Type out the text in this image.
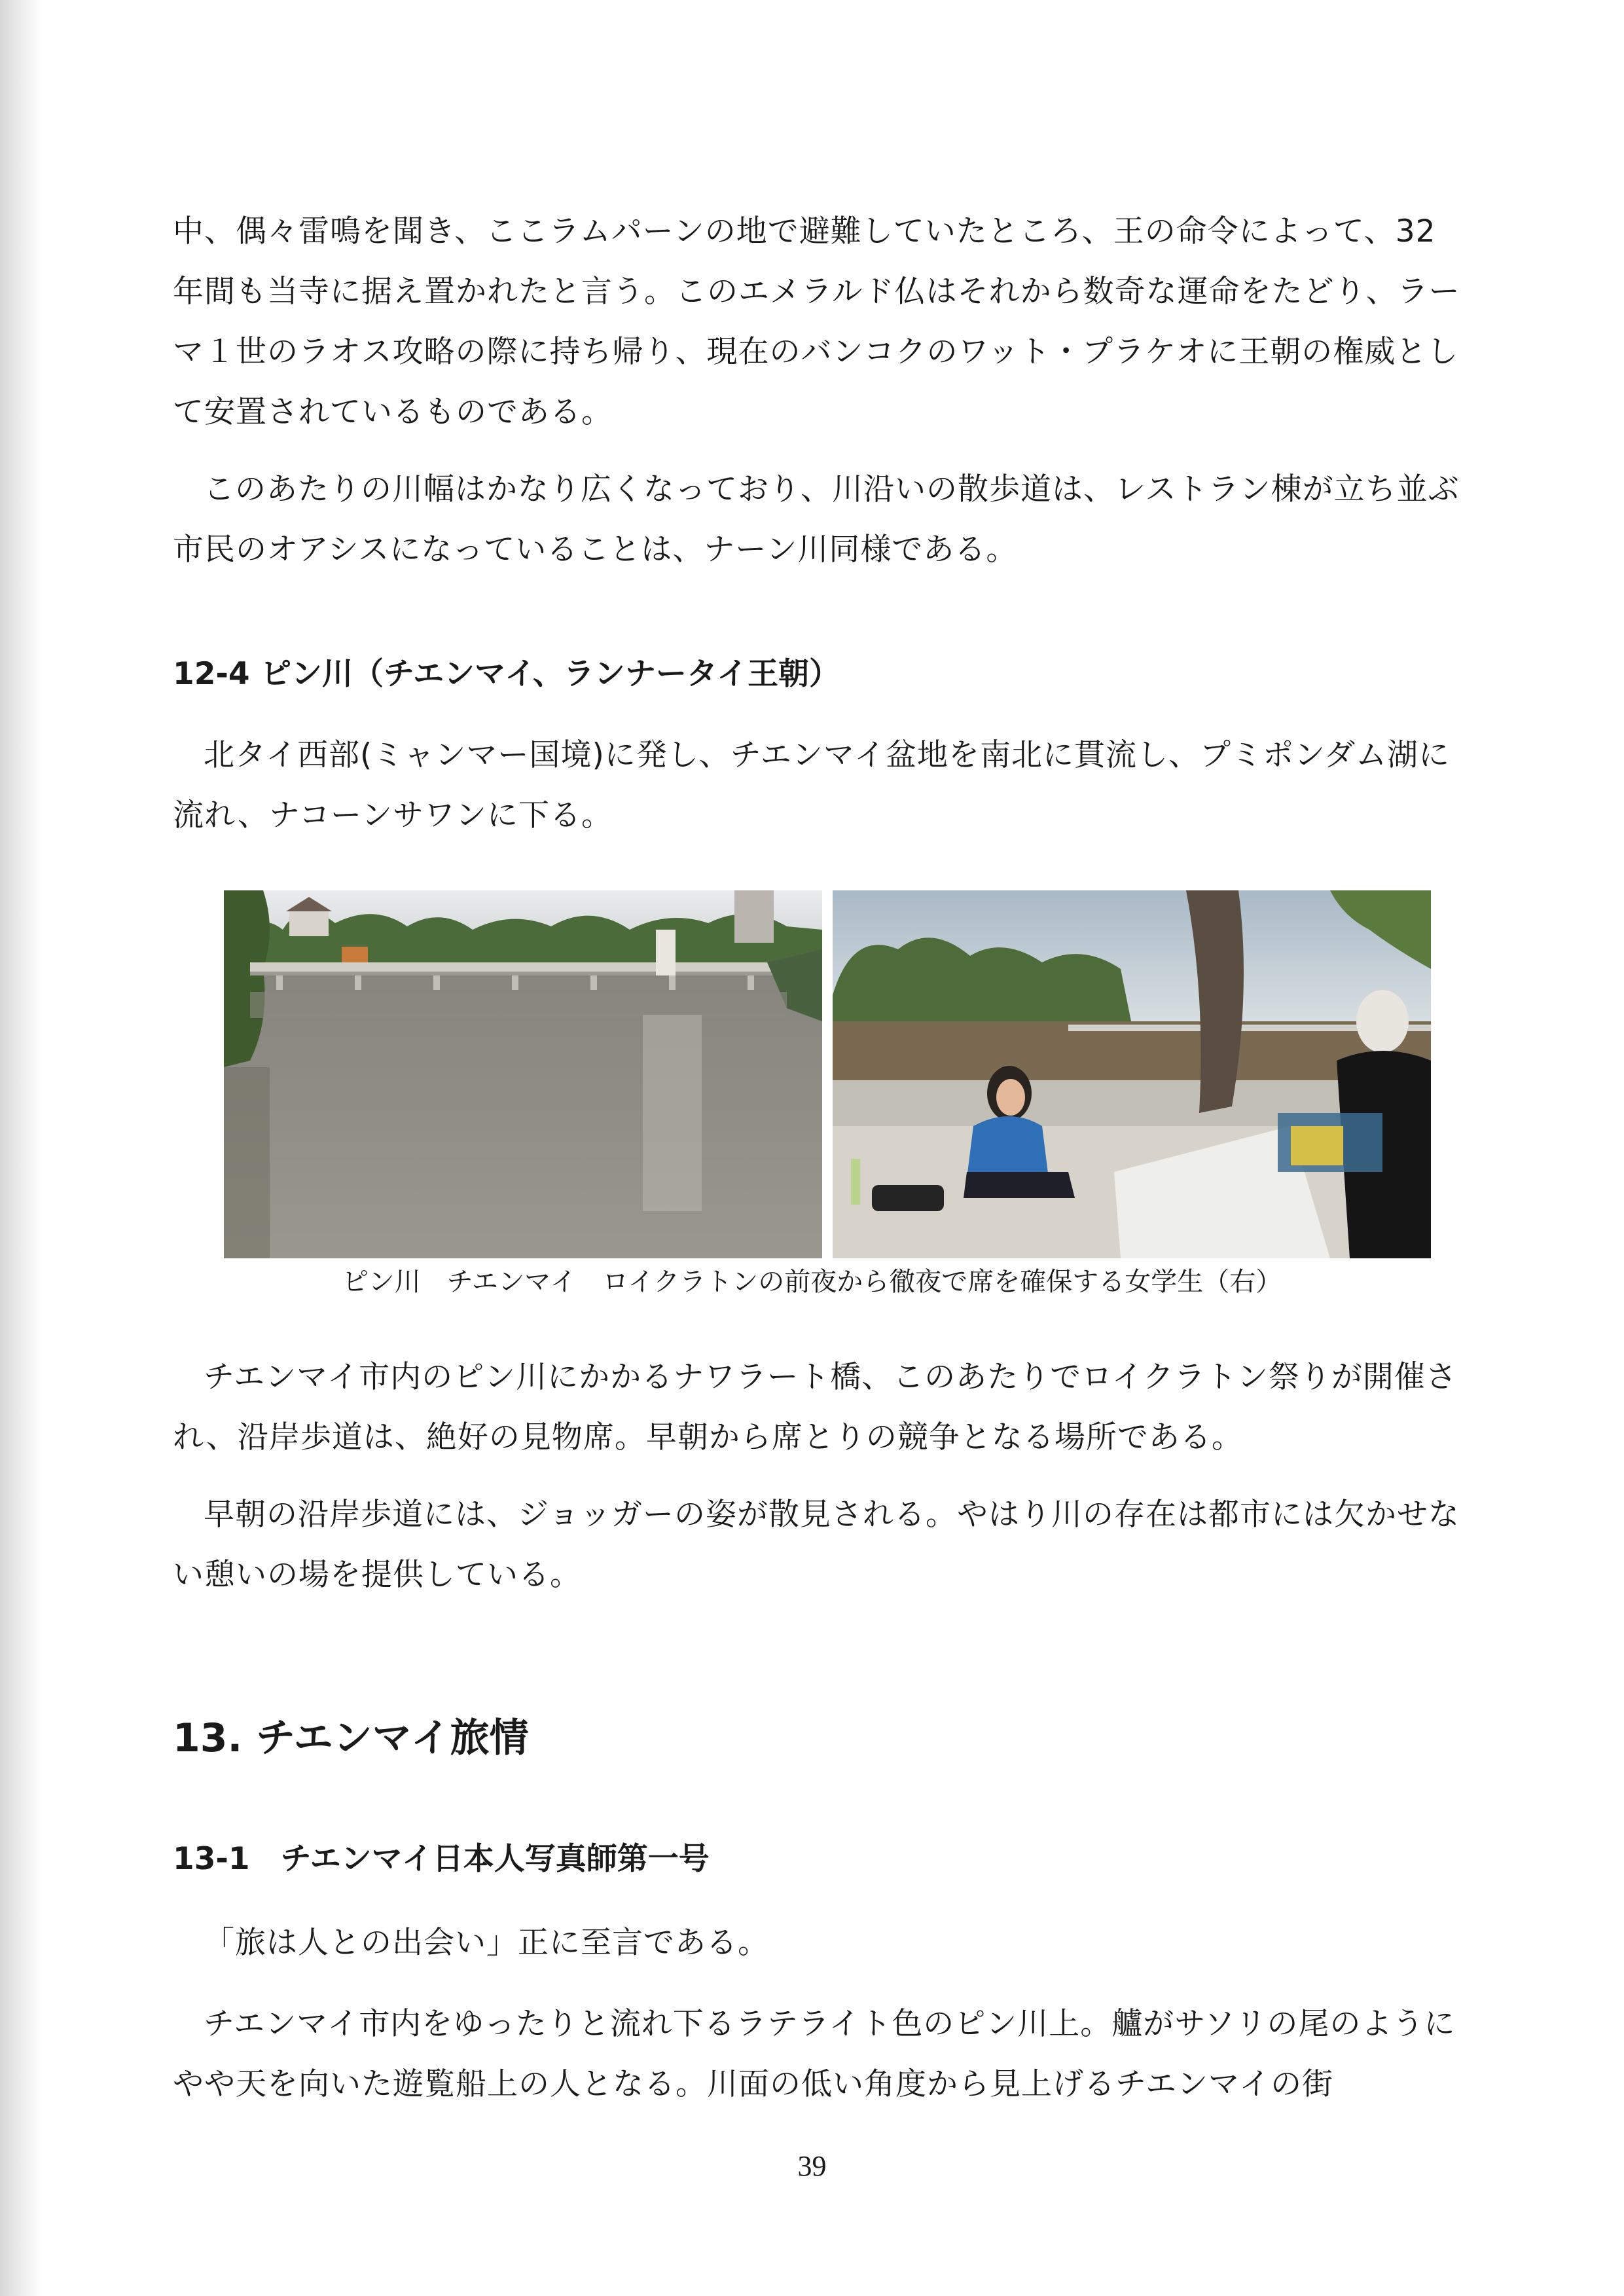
中、偶々雷鳴を聞き、ここラムパーンの地で避難していたところ、王の命令によって、32 年間も当寺に据え置かれたと言う。このエメラルド仏はそれから数奇な運命をたどり、ラーマ１世のラオス攻略の際に持ち帰り、現在のバンコクのワット・プラケオに王朝の権威として安置されているものである。

このあたりの川幅はかなり広くなっており、川沿いの散歩道は、レストラン棟が立ち並ぶ市民のオアシスになっていることは、ナーン川同様である。

12-4 ピン川（チエンマイ、ランナータイ王朝）

北タイ西部(ミャンマー国境)に発し、チエンマイ盆地を南北に貫流し、プミポンダム湖に流れ、ナコーンサワンに下る。

チエンマイ市内のピン川にかかるナワラート橋、このあたりでロイクラトン祭りが開催され、沿岸歩道は、絶好の見物席。早朝から席とりの競争となる場所である。

早朝の沿岸歩道には、ジョッガーの姿が散見される。やはり川の存在は都市には欠かせない憩いの場を提供している。

13. チエンマイ旅情
13-1　チエンマイ日本人写真師第一号

「旅は人との出会い」正に至言である。

チエンマイ市内をゆったりと流れ下るラテライト色のピン川上。艫がサソリの尾のようにやや天を向いた遊覧船上の人となる。川面の低い角度から見上げるチエンマイの街

ピン川　チエンマイ　ロイクラトンの前夜から徹夜で席を確保する女学生（右）

39
